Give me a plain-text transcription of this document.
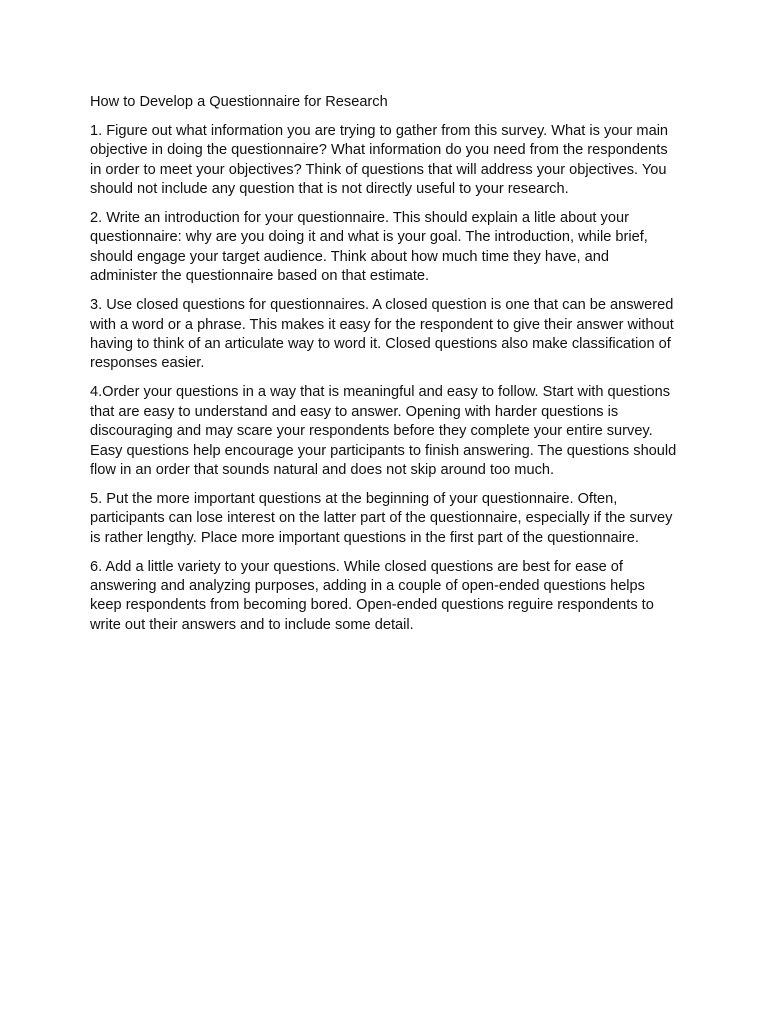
How to Develop a Questionnaire for Research

1. Figure out what information you are trying to gather from this survey. What is your main objective in doing the questionnaire? What information do you need from the respondents in order to meet your objectives? Think of questions that will address your objectives. You should not include any question that is not directly useful to your research.

2. Write an introduction for your questionnaire. This should explain a litle about your questionnaire: why are you doing it and what is your goal. The introduction, while brief, should engage your target audience. Think about how much time they have, and administer the questionnaire based on that estimate.

3. Use closed questions for questionnaires. A closed question is one that can be answered with a word or a phrase. This makes it easy for the respondent to give their answer without having to think of an articulate way to word it. Closed questions also make classification of responses easier.

4.Order your questions in a way that is meaningful and easy to follow. Start with questions that are easy to understand and easy to answer. Opening with harder questions is discouraging and may scare your respondents before they complete your entire survey. Easy questions help encourage your participants to finish answering. The questions should flow in an order that sounds natural and does not skip around too much.

5. Put the more important questions at the beginning of your questionnaire. Often, participants can lose interest on the latter part of the questionnaire, especially if the survey is rather lengthy. Place more important questions in the first part of the questionnaire.

6. Add a little variety to your questions. While closed questions are best for ease of answering and analyzing purposes, adding in a couple of open-ended questions helps keep respondents from becoming bored. Open-ended questions reguire respondents to write out their answers and to include some detail.
